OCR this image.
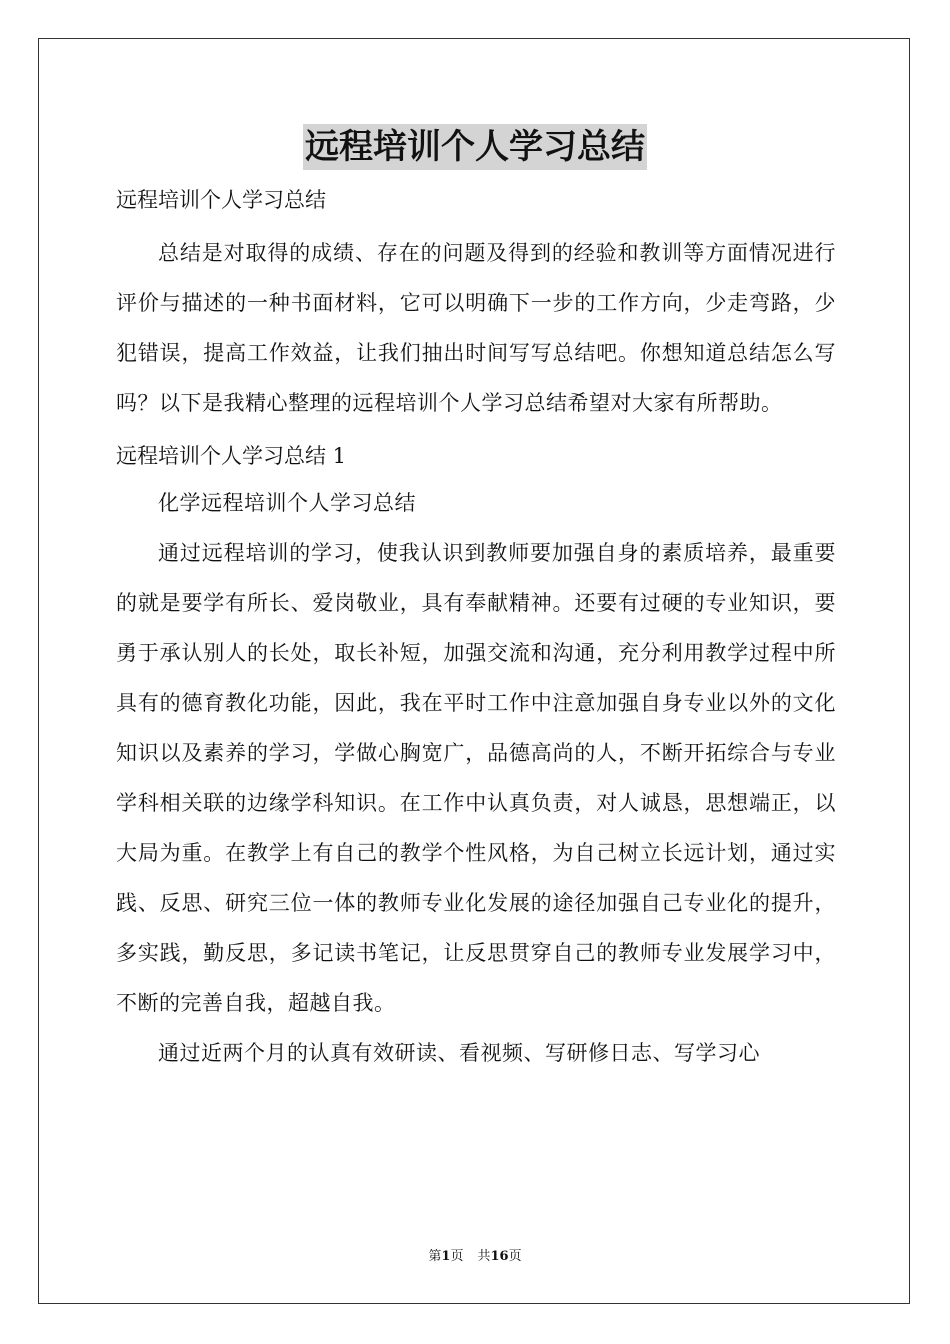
远程培训个人学习总结

远程培训个人学习总结

总结是对取得的成绩、存在的问题及得到的经验和教训等方面情况进行评价与描述的一种书面材料，它可以明确下一步的工作方向，少走弯路，少犯错误，提高工作效益，让我们抽出时间写写总结吧。你想知道总结怎么写吗？以下是我精心整理的远程培训个人学习总结希望对大家有所帮助。

远程培训个人学习总结 1

化学远程培训个人学习总结

通过远程培训的学习，使我认识到教师要加强自身的素质培养，最重要的就是要学有所长、爱岗敬业，具有奉献精神。还要有过硬的专业知识，要勇于承认别人的长处，取长补短，加强交流和沟通，充分利用教学过程中所具有的德育教化功能，因此，我在平时工作中注意加强自身专业以外的文化知识以及素养的学习，学做心胸宽广，品德高尚的人，不断开拓综合与专业学科相关联的边缘学科知识。在工作中认真负责，对人诚恳，思想端正，以大局为重。在教学上有自己的教学个性风格，为自己树立长远计划，通过实践、反思、研究三位一体的教师专业化发展的途径加强自己专业化的提升，多实践，勤反思，多记读书笔记，让反思贯穿自己的教师专业发展学习中，不断的完善自我，超越自我。

通过近两个月的认真有效研读、看视频、写研修日志、写学习心

第1页 共16页
